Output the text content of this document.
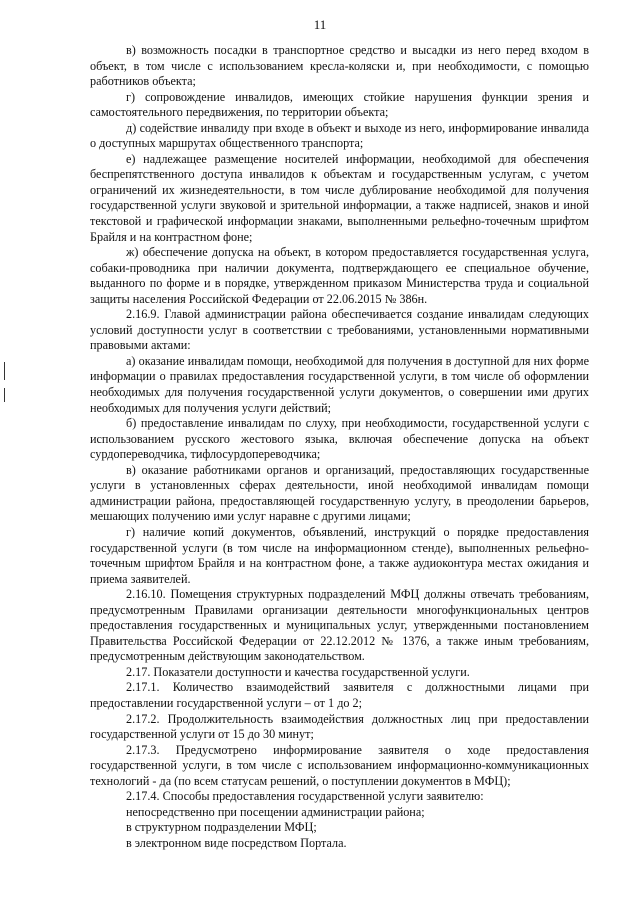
11

в) возможность посадки в транспортное средство и высадки из него перед входом в объект, в том числе с использованием кресла-коляски и, при необходимости, с помощью работников объекта;

г) сопровождение инвалидов, имеющих стойкие нарушения функции зрения и самостоятельного передвижения, по территории объекта;

д) содействие инвалиду при входе в объект и выходе из него, информирование инвалида о доступных маршрутах общественного транспорта;

е) надлежащее размещение носителей информации, необходимой для обеспечения беспрепятственного доступа инвалидов к объектам и государственным услугам, с учетом ограничений их жизнедеятельности, в том числе дублирование необходимой для получения государственной услуги звуковой и зрительной информации, а также надписей, знаков и иной текстовой и графической информации знаками, выполненными рельефно-точечным шрифтом Брайля и на контрастном фоне;

ж) обеспечение допуска на объект, в котором предоставляется государственная услуга, собаки-проводника при наличии документа, подтверждающего ее специальное обучение, выданного по форме и в порядке, утвержденном приказом Министерства труда и социальной защиты населения Российской Федерации от 22.06.2015 № 386н.

2.16.9. Главой администрации района обеспечивается создание инвалидам следующих условий доступности услуг в соответствии с требованиями, установленными нормативными правовыми актами:

а) оказание инвалидам помощи, необходимой для получения в доступной для них форме информации о правилах предоставления государственной услуги, в том числе об оформлении необходимых для получения государственной услуги документов, о совершении ими других необходимых для получения услуги действий;

б) предоставление инвалидам по слуху, при необходимости, государственной услуги с использованием русского жестового языка, включая обеспечение допуска на объект сурдопереводчика, тифлосурдопереводчика;

в) оказание работниками органов и организаций, предоставляющих государственные услуги в установленных сферах деятельности, иной необходимой инвалидам помощи администрации района, предоставляющей государственную услугу, в преодолении барьеров, мешающих получению ими услуг наравне с другими лицами;

г) наличие копий документов, объявлений, инструкций о порядке предоставления государственной услуги (в том числе на информационном стенде), выполненных рельефно-точечным шрифтом Брайля и на контрастном фоне, а также аудиоконтура местах ожидания и приема заявителей.

2.16.10. Помещения структурных подразделений МФЦ должны отвечать требованиям, предусмотренным Правилами организации деятельности многофункциональных центров предоставления государственных и муниципальных услуг, утвержденными постановлением Правительства Российской Федерации от 22.12.2012 № 1376, а также иным требованиям, предусмотренным действующим законодательством.

2.17. Показатели доступности и качества государственной услуги.

2.17.1. Количество взаимодействий заявителя с должностными лицами при предоставлении государственной услуги – от 1 до 2;

2.17.2. Продолжительность взаимодействия должностных лиц при предоставлении государственной услуги от 15 до 30 минут;

2.17.3. Предусмотрено информирование заявителя о ходе предоставления государственной услуги, в том числе с использованием информационно-коммуникационных технологий - да (по всем статусам решений, о поступлении документов в МФЦ);

2.17.4. Способы предоставления государственной услуги заявителю:

непосредственно при посещении администрации района;

в структурном подразделении МФЦ;

в электронном виде посредством Портала.
